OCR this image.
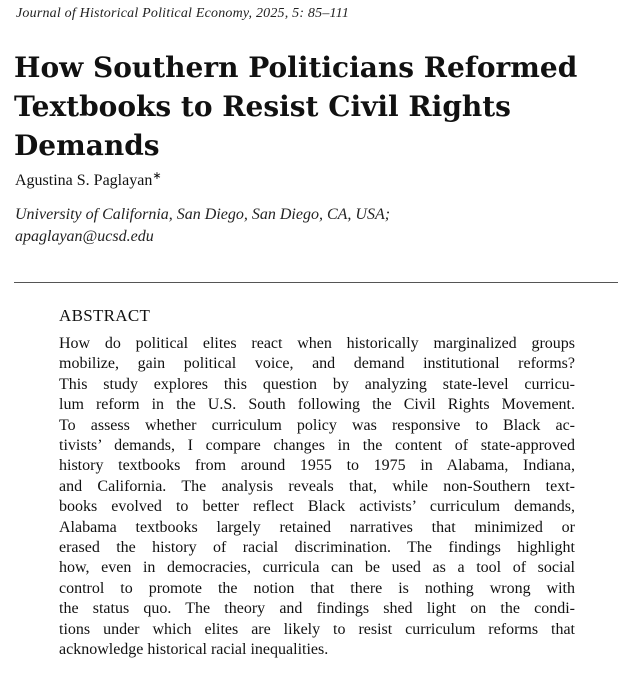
Journal of Historical Political Economy, 2025, 5: 85–111
How Southern Politicians Reformed
Textbooks to Resist Civil Rights
Demands
Agustina S. Paglayan∗
University of California, San Diego, San Diego, CA, USA;
apaglayan@ucsd.edu
ABSTRACT
How do political elites react when historically marginalized groups
mobilize, gain political voice, and demand institutional reforms?
This study explores this question by analyzing state-level curricu-
lum reform in the U.S. South following the Civil Rights Movement.
To assess whether curriculum policy was responsive to Black ac-
tivists’ demands, I compare changes in the content of state-approved
history textbooks from around 1955 to 1975 in Alabama, Indiana,
and California. The analysis reveals that, while non-Southern text-
books evolved to better reflect Black activists’ curriculum demands,
Alabama textbooks largely retained narratives that minimized or
erased the history of racial discrimination. The findings highlight
how, even in democracies, curricula can be used as a tool of social
control to promote the notion that there is nothing wrong with
the status quo. The theory and findings shed light on the condi-
tions under which elites are likely to resist curriculum reforms that
acknowledge historical racial inequalities.
